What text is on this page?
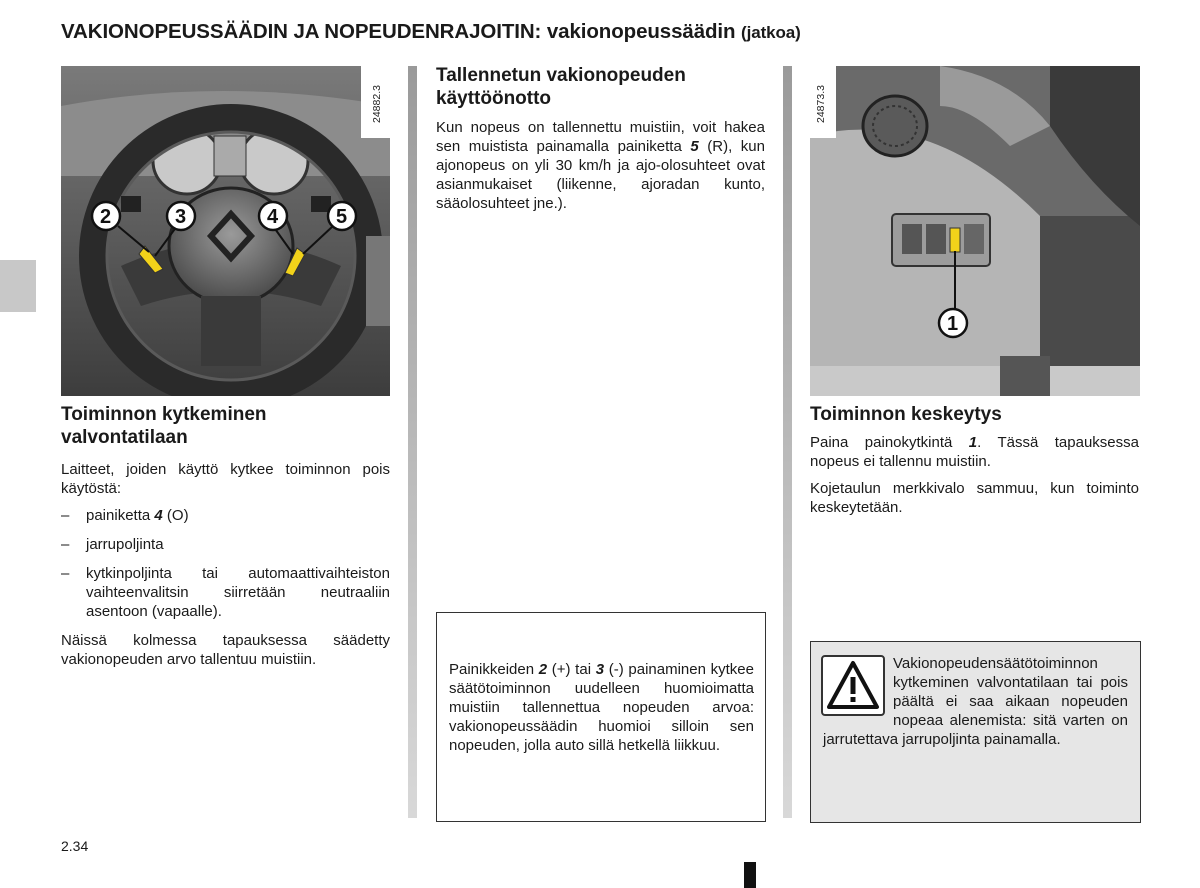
VAKIONOPEUSSÄÄDIN JA NOPEUDENRAJOITIN: vakionopeussäädin (jatkoa)
2	3	4	5
24882.3
Toiminnon kytkeminen valvontatilaan

Laitteet, joiden käyttö kytkee toiminnon pois käytöstä:

– painiketta 4 (O)
– jarrupoljinta
– kytkinpoljinta tai automaattivaihteiston vaihteenvalitsin siirretään neutraaliin asentoon (vapaalle).

Näissä kolmessa tapauksessa säädetty vakionopeuden arvo tallentuu muistiin.

Tallennetun vakionopeuden käyttöönotto

Kun nopeus on tallennettu muistiin, voit hakea sen muistista painamalla painiketta 5 (R), kun ajonopeus on yli 30 km/h ja ajo-olosuhteet ovat asianmukaiset (liikenne, ajoradan kunto, sääolosuhteet jne.).

Painikkeiden 2 (+) tai 3 (-) painaminen kytkee säätötoiminnon uudelleen huomioimatta muistiin tallennettua nopeuden arvoa: vakionopeussäädin huomioi silloin sen nopeuden, jolla auto sillä hetkellä liikkuu.

1
24873.3
Toiminnon keskeytys

Paina painokytkintä 1. Tässä tapauksessa nopeus ei tallennu muistiin.

Kojetaulun merkkivalo sammuu, kun toiminto keskeytetään.

Vakionopeudensäätötoiminnon kytkeminen valvontatilaan tai pois päältä ei saa aikaan nopeuden nopeaa alenemista: sitä varten on jarrutettava jarrupoljinta painamalla.

2.34
